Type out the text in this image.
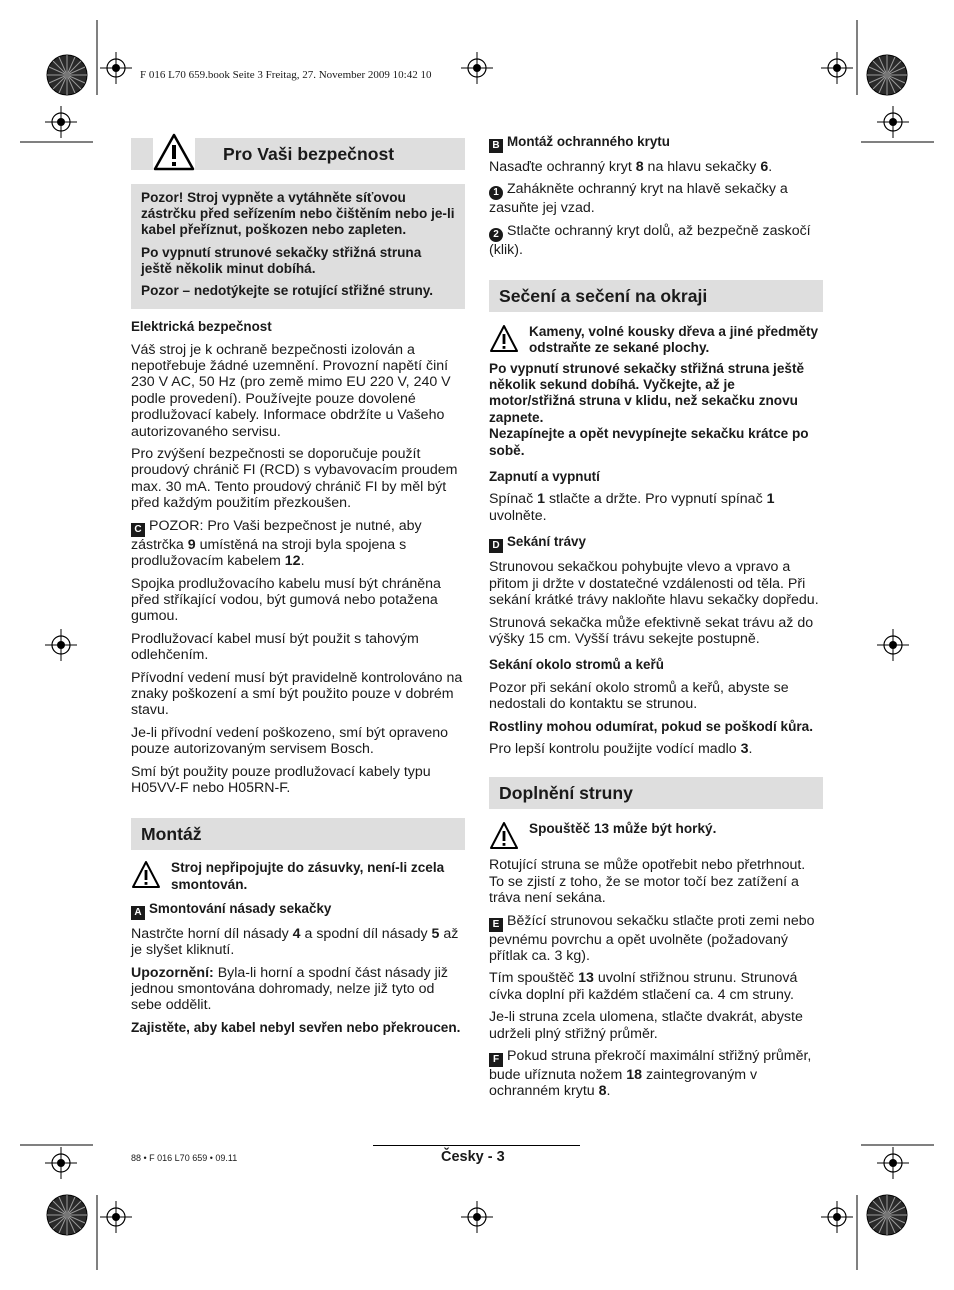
F 016 L70 659.book Seite 3 Freitag, 27. November 2009 10:42 10
Pro Vaši bezpečnost

Pozor! Stroj vypněte a vytáhněte síťovou zástrčku před seřízením nebo čištěním nebo je-li kabel přeříznut, poškozen nebo zapleten.

Po vypnutí strunové sekačky střižná struna ještě několik minut dobíhá.

Pozor – nedotýkejte se rotující střižné struny.

Elektrická bezpečnost

Váš stroj je k ochraně bezpečnosti izolován a nepotřebuje žádné uzemnění. Provozní napětí činí 230 V AC, 50 Hz (pro země mimo EU 220 V, 240 V podle provedení). Používejte pouze dovolené prodlužovací kabely. Informace obdržíte u Vašeho autorizovaného servisu.

Pro zvýšení bezpečnosti se doporučuje použít proudový chránič FI (RCD) s vybavovacím proudem max. 30 mA. Tento proudový chránič FI by měl být před každým použitím přezkoušen.

C POZOR: Pro Vaši bezpečnost je nutné, aby zástrčka 9 umístěná na stroji byla spojena s prodlužovacím kabelem 12.

Spojka prodlužovacího kabelu musí být chráněna před stříkající vodou, být gumová nebo potažena gumou.

Prodlužovací kabel musí být použit s tahovým odlehčením.

Přívodní vedení musí být pravidelně kontrolováno na znaky poškození a smí být použito pouze v dobrém stavu.

Je-li přívodní vedení poškozeno, smí být opraveno pouze autorizovaným servisem Bosch.

Smí být použity pouze prodlužovací kabely typu H05VV-F nebo H05RN-F.

Montáž
Stroj nepřipojujte do zásuvky, není-li zcela smontován.

A Smontování násady sekačky

Nastrčte horní díl násady 4 a spodní díl násady 5 až je slyšet kliknutí.

Upozornění: Byla-li horní a spodní část násady již jednou smontována dohromady, nelze již tyto od sebe oddělit.

Zajistěte, aby kabel nebyl sevřen nebo překroucen.

B Montáž ochranného krytu

Nasaďte ochranný kryt 8 na hlavu sekačky 6.

1 Zahákněte ochranný kryt na hlavě sekačky a zasuňte jej vzad.

2 Stlačte ochranný kryt dolů, až bezpečně zaskočí (klik).

Sečení a sečení na okraji
Kameny, volné kousky dřeva a jiné předměty odstraňte ze sekané plochy.

Po vypnutí strunové sekačky střižná struna ještě několik sekund dobíhá. Vyčkejte, až je motor/střižná struna v klidu, než sekačku znovu zapnete.

Nezapínejte a opět nevypínejte sekačku krátce po sobě.

Zapnutí a vypnutí

Spínač 1 stlačte a držte. Pro vypnutí spínač 1 uvolněte.

D Sekání trávy

Strunovou sekačkou pohybujte vlevo a vpravo a přitom ji držte v dostatečné vzdálenosti od těla. Při sekání krátké trávy nakloňte hlavu sekačky dopředu.

Strunová sekačka může efektivně sekat trávu až do výšky 15 cm. Vyšší trávu sekejte postupně.

Sekání okolo stromů a keřů

Pozor při sekání okolo stromů a keřů, abyste se nedostali do kontaktu se strunou.

Rostliny mohou odumírat, pokud se poškodí kůra.

Pro lepší kontrolu použijte vodící madlo 3.

Doplnění struny
Spouštěč 13 může být horký.

Rotující struna se může opotřebit nebo přetrhnout. To se zjistí z toho, že se motor točí bez zatížení a tráva není sekána.

E Běžící strunovou sekačku stlačte proti zemi nebo pevnému povrchu a opět uvolněte (požadovaný přítlak ca. 3 kg).

Tím spouštěč 13 uvolní střižnou strunu. Strunová cívka doplní při každém stlačení ca. 4 cm struny.

Je-li struna zcela ulomena, stlačte dvakrát, abyste udrželi plný střižný průměr.

F Pokud struna překročí maximální střižný průměr, bude uříznuta nožem 18 zaintegrovaným v ochranném krytu 8.

88 • F 016 L70 659 • 09.11	Česky - 3
